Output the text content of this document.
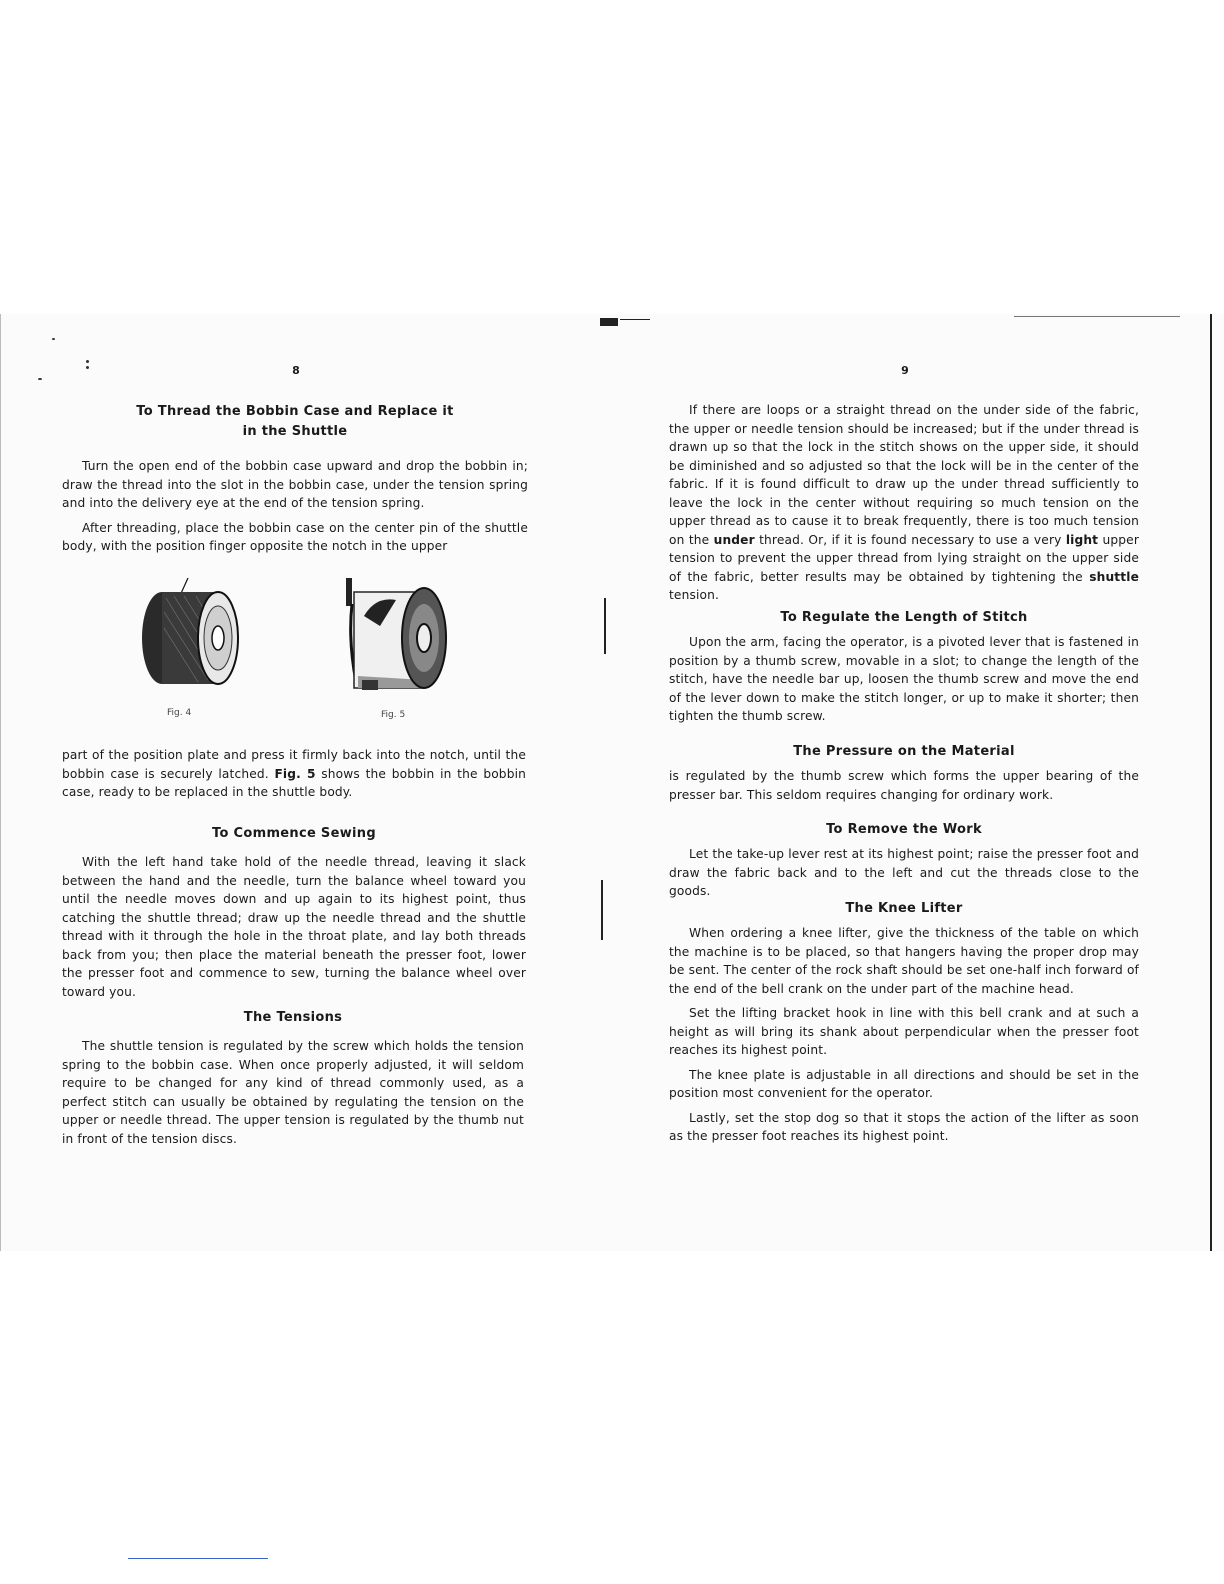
8

To Thread the Bobbin Case and Replace it

in the Shuttle

Turn the open end of the bobbin case upward and drop the bobbin in; draw the thread into the slot in the bobbin case, under the tension spring and into the delivery eye at the end of the tension spring.

After threading, place the bobbin case on the center pin of the shuttle body, with the position finger opposite the notch in the upper

Fig. 4	Fig. 5

part of the position plate and press it firmly back into the notch, until the bobbin case is securely latched. Fig. 5 shows the bobbin in the bobbin case, ready to be replaced in the shuttle body.

To Commence Sewing

With the left hand take hold of the needle thread, leaving it slack between the hand and the needle, turn the balance wheel toward you until the needle moves down and up again to its highest point, thus catching the shuttle thread; draw up the needle thread and the shuttle thread with it through the hole in the throat plate, and lay both threads back from you; then place the material beneath the presser foot, lower the presser foot and commence to sew, turning the balance wheel over toward you.

The Tensions

The shuttle tension is regulated by the screw which holds the tension spring to the bobbin case. When once properly adjusted, it will seldom require to be changed for any kind of thread commonly used, as a perfect stitch can usually be obtained by regulating the tension on the upper or needle thread. The upper tension is regulated by the thumb nut in front of the tension discs.

9

If there are loops or a straight thread on the under side of the fabric, the upper or needle tension should be increased; but if the under thread is drawn up so that the lock in the stitch shows on the upper side, it should be diminished and so adjusted so that the lock will be in the center of the fabric. If it is found difficult to draw up the under thread sufficiently to leave the lock in the center without requiring so much tension on the upper thread as to cause it to break frequently, there is too much tension on the under thread. Or, if it is found necessary to use a very light upper tension to prevent the upper thread from lying straight on the upper side of the fabric, better results may be obtained by tightening the shuttle tension.

To Regulate the Length of Stitch

Upon the arm, facing the operator, is a pivoted lever that is fastened in position by a thumb screw, movable in a slot; to change the length of the stitch, have the needle bar up, loosen the thumb screw and move the end of the lever down to make the stitch longer, or up to make it shorter; then tighten the thumb screw.

The Pressure on the Material

is regulated by the thumb screw which forms the upper bearing of the presser bar. This seldom requires changing for ordinary work.

To Remove the Work

Let the take-up lever rest at its highest point; raise the presser foot and draw the fabric back and to the left and cut the threads close to the goods.

The Knee Lifter

When ordering a knee lifter, give the thickness of the table on which the machine is to be placed, so that hangers having the proper drop may be sent. The center of the rock shaft should be set one-half inch forward of the end of the bell crank on the under part of the machine head.

Set the lifting bracket hook in line with this bell crank and at such a height as will bring its shank about perpendicular when the presser foot reaches its highest point.

The knee plate is adjustable in all directions and should be set in the position most convenient for the operator.

Lastly, set the stop dog so that it stops the action of the lifter as soon as the presser foot reaches its highest point.
